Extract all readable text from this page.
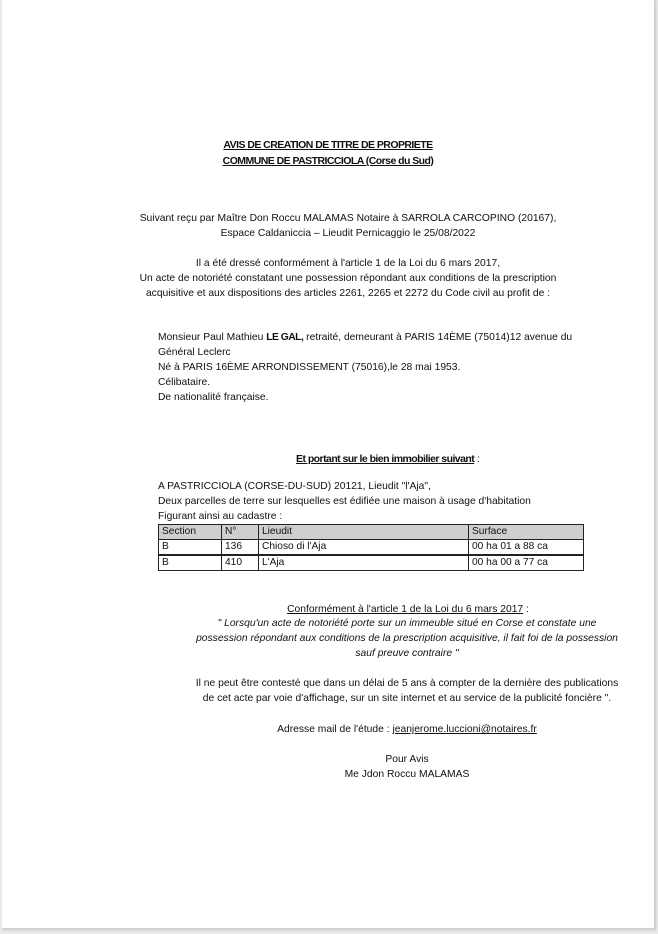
AVIS DE CREATION DE TITRE DE PROPRIETE
COMMUNE DE PASTRICCIOLA (Corse du Sud)
Suivant reçu par Maître Don Roccu MALAMAS Notaire à SARROLA CARCOPINO (20167),
Espace Caldaniccia – Lieudit Pernicaggio le 25/08/2022
Il a été dressé conformément à l'article 1 de la Loi du 6 mars 2017,
Un acte de notoriété constatant une possession répondant aux conditions de la prescription
acquisitive et aux dispositions des articles 2261, 2265 et 2272 du Code civil au profit de :
Monsieur Paul Mathieu LE GAL, retraité, demeurant à PARIS 14ÈME (75014)12 avenue du
Général Leclerc
Né à PARIS 16ÈME ARRONDISSEMENT (75016),le 28 mai 1953.
Célibataire.
De nationalité française.
Et portant sur le bien immobilier suivant :
A PASTRICCIOLA (CORSE-DU-SUD) 20121, Lieudit "l'Aja",
Deux parcelles de terre sur lesquelles est édifiée une maison à usage d'habitation
Figurant ainsi au cadastre :
Section	N°	Lieudit	Surface
B	136	Chioso di l'Aja	00 ha 01 a 88 ca
B	410	L'Aja	00 ha 00 a 77 ca
Conformément à l'article 1 de la Loi du 6 mars 2017 :
" Lorsqu'un acte de notoriété porte sur un immeuble situé en Corse et constate une
possession répondant aux conditions de la prescription acquisitive, il fait foi de la possession
sauf preuve contraire "
Il ne peut être contesté que dans un délai de 5 ans à compter de la dernière des publications
de cet acte par voie d'affichage, sur un site internet et au service de la publicité foncière ".
Adresse mail de l'étude : jeanjerome.luccioni@notaires.fr
Pour Avis
Me Jdon Roccu MALAMAS
